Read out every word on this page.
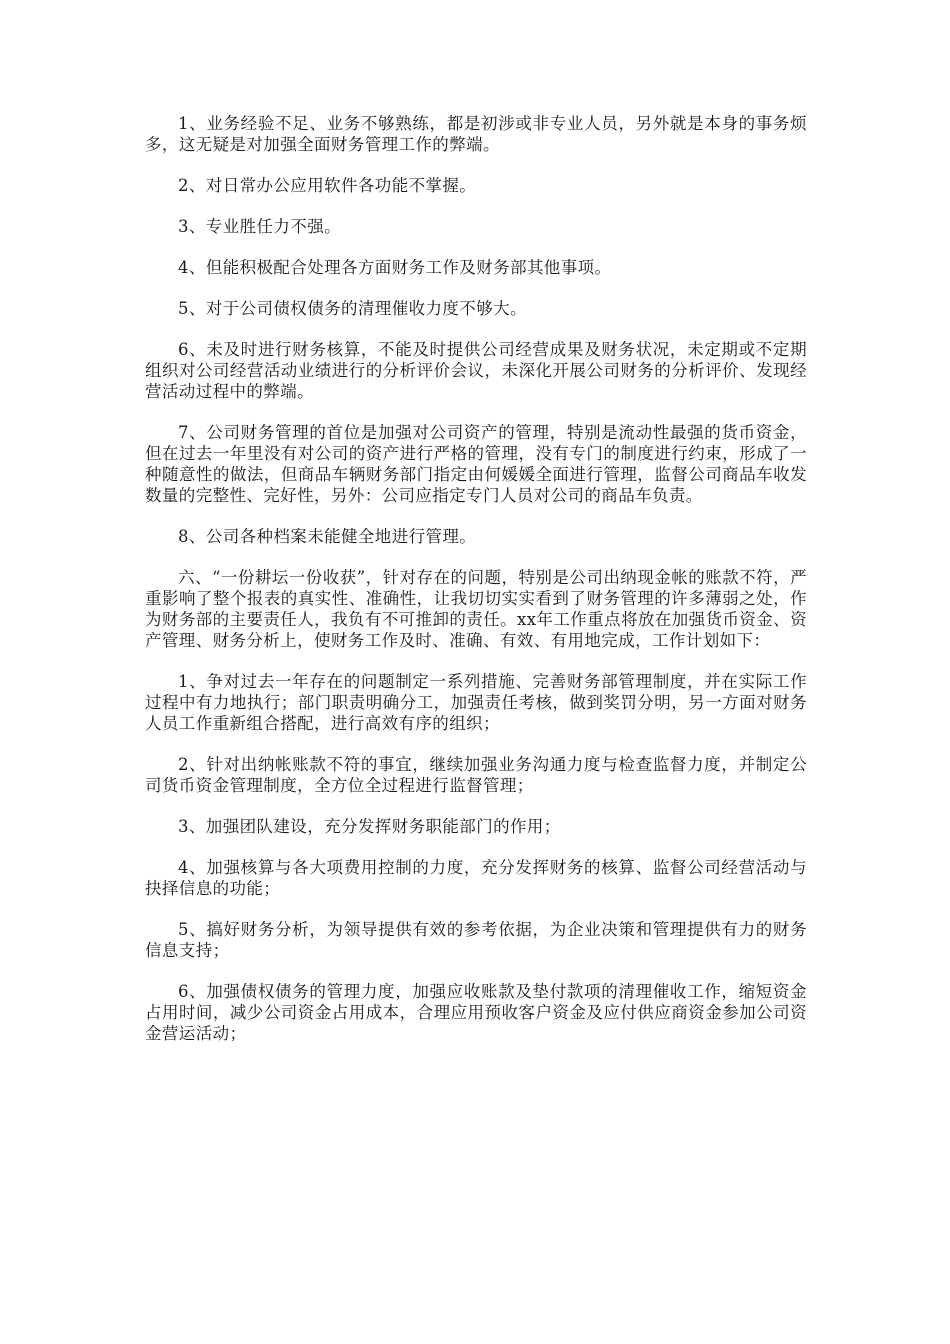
1、业务经验不足、业务不够熟练，都是初涉或非专业人员，另外就是本身的事务烦多，这无疑是对加强全面财务管理工作的弊端。

2、对日常办公应用软件各功能不掌握。

3、专业胜任力不强。

4、但能积极配合处理各方面财务工作及财务部其他事项。

5、对于公司债权债务的清理催收力度不够大。

6、未及时进行财务核算，不能及时提供公司经营成果及财务状况，未定期或不定期组织对公司经营活动业绩进行的分析评价会议，未深化开展公司财务的分析评价、发现经营活动过程中的弊端。

7、公司财务管理的首位是加强对公司资产的管理，特别是流动性最强的货币资金，但在过去一年里没有对公司的资产进行严格的管理，没有专门的制度进行约束，形成了一种随意性的做法，但商品车辆财务部门指定由何媛媛全面进行管理，监督公司商品车收发数量的完整性、完好性，另外：公司应指定专门人员对公司的商品车负责。

8、公司各种档案未能健全地进行管理。

六、“一份耕坛一份收获”，针对存在的问题，特别是公司出纳现金帐的账款不符，严重影响了整个报表的真实性、准确性，让我切切实实看到了财务管理的许多薄弱之处，作为财务部的主要责任人，我负有不可推卸的责任。xx年工作重点将放在加强货币资金、资产管理、财务分析上，使财务工作及时、准确、有效、有用地完成，工作计划如下：

1、争对过去一年存在的问题制定一系列措施、完善财务部管理制度，并在实际工作过程中有力地执行；部门职责明确分工，加强责任考核，做到奖罚分明，另一方面对财务人员工作重新组合搭配，进行高效有序的组织；

2、针对出纳帐账款不符的事宜，继续加强业务沟通力度与检查监督力度，并制定公司货币资金管理制度，全方位全过程进行监督管理；

3、加强团队建设，充分发挥财务职能部门的作用；

4、加强核算与各大项费用控制的力度，充分发挥财务的核算、监督公司经营活动与抉择信息的功能；

5、搞好财务分析，为领导提供有效的参考依据，为企业决策和管理提供有力的财务信息支持；

6、加强债权债务的管理力度，加强应收账款及垫付款项的清理催收工作，缩短资金占用时间，减少公司资金占用成本，合理应用预收客户资金及应付供应商资金参加公司资金营运活动；
